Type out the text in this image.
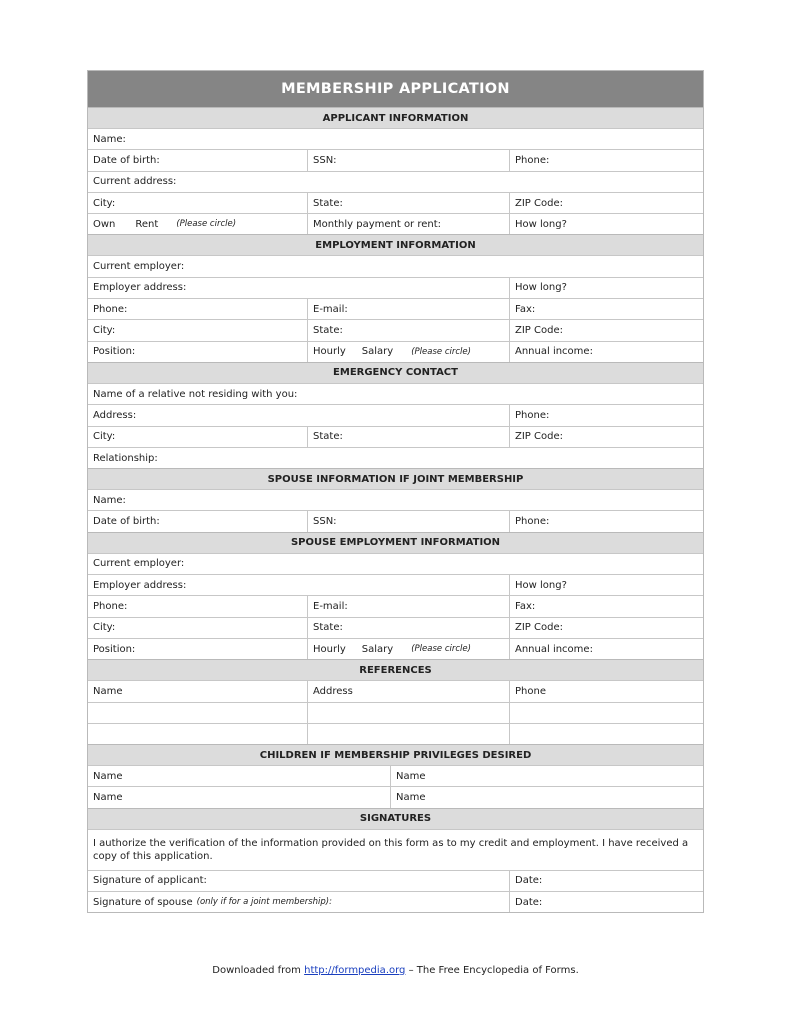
MEMBERSHIP APPLICATION
APPLICANT INFORMATION
Name:
Date of birth:	SSN:	Phone:
Current address:
City:	State:	ZIP Code:
Own Rent (Please circle)	Monthly payment or rent:	How long?
EMPLOYMENT INFORMATION
Current employer:
Employer address:	How long?
Phone:	E-mail:	Fax:
City:	State:	ZIP Code:
Position:	Hourly Salary (Please circle)	Annual income:
EMERGENCY CONTACT
Name of a relative not residing with you:
Address:	Phone:
City:	State:	ZIP Code:
Relationship:
SPOUSE INFORMATION IF JOINT MEMBERSHIP
Name:
Date of birth:	SSN:	Phone:
SPOUSE EMPLOYMENT INFORMATION
Current employer:
Employer address:	How long?
Phone:	E-mail:	Fax:
City:	State:	ZIP Code:
Position:	Hourly Salary (Please circle)	Annual income:
REFERENCES
Name	Address	Phone
CHILDREN IF MEMBERSHIP PRIVILEGES DESIRED
Name	Name
Name	Name
SIGNATURES
I authorize the verification of the information provided on this form as to my credit and employment. I have received a copy of this application.
Signature of applicant:	Date:
Signature of spouse (only if for a joint membership):	Date:
Downloaded from http://formpedia.org – The Free Encyclopedia of Forms.
